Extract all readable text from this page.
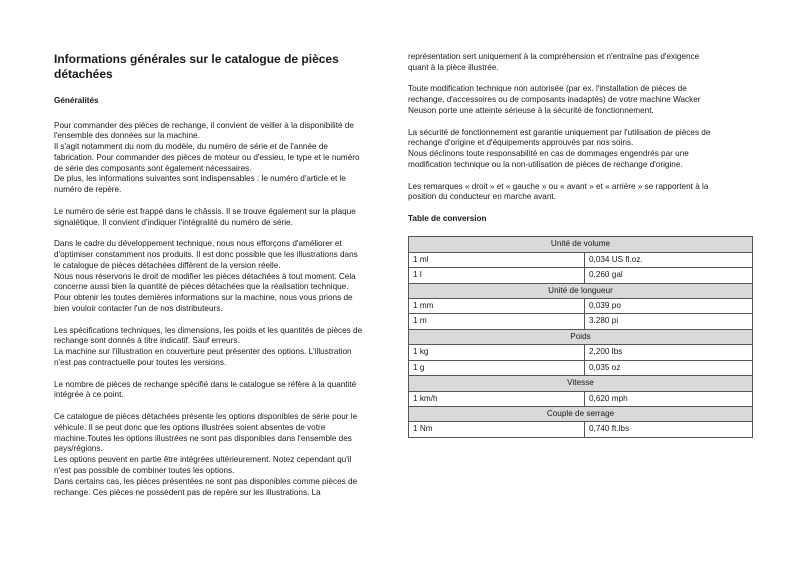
Informations générales sur le catalogue de pièces
détachées
Généralités
Pour commander des pièces de rechange, il convient de veiller à la disponibilité de
l'ensemble des données sur la machine.
Il s'agit notamment du nom du modèle, du numéro de série et de l'année de
fabrication. Pour commander des pièces de moteur ou d'essieu, le type et le numéro
de série des composants sont également nécessaires.
De plus, les informations suivantes sont indispensables : le numéro d'article et le
numéro de repère.
Le numéro de série est frappé dans le châssis. Il se trouve également sur la plaque
signalétique. Il convient d'indiquer l'intégralité du numéro de série.
Dans le cadre du développement technique, nous nous efforçons d'améliorer et
d'optimiser constamment nos produits. Il est donc possible que les illustrations dans
le catalogue de pièces détachées diffèrent de la version réelle.
Nous nous réservons le droit de modifier les pièces détachées à tout moment. Cela
concerne aussi bien la quantité de pièces détachées que la réalisation technique.
Pour obtenir les toutes dernières informations sur la machine, nous vous prions de
bien vouloir contacter l'un de nos distributeurs.
Les spécifications techniques, les dimensions, les poids et les quantités de pièces de
rechange sont donnés à titre indicatif. Sauf erreurs.
La machine sur l'illustration en couverture peut présenter des options. L'illustration
n'est pas contractuelle pour toutes les versions.
Le nombre de pièces de rechange spécifié dans le catalogue se réfère à la quantité
intégrée à ce point.
Ce catalogue de pièces détachées présente les options disponibles de série pour le
véhicule. Il se peut donc que les options illustrées soient absentes de votre
machine.Toutes les options illustrées ne sont pas disponibles dans l'ensemble des
pays/régions.
Les options peuvent en partie être intégrées ultérieurement. Notez cependant qu'il
n'est pas possible de combiner toutes les options.
Dans certains cas, les pièces présentées ne sont pas disponibles comme pièces de
rechange. Ces pièces ne possèdent pas de repère sur les illustrations. La
représentation sert uniquement à la compréhension et n'entraîne pas d'exigence
quant à la pièce illustrée.
Toute modification technique non autorisée (par ex. l'installation de pièces de
rechange, d'accessoires ou de composants inadaptés) de votre machine Wacker
Neuson porte une atteinte sérieuse à la sécurité de fonctionnement.
La sécurité de fonctionnement est garantie uniquement par l'utilisation de pièces de
rechange d'origine et d'équipements approuvés par nos soins.
Nous déclinons toute responsabilité en cas de dommages engendrés par une
modification technique ou la non-utilisation de pièces de rechange d'origine.
Les remarques « droit » et « gauche » ou « avant » et « arrière » se rapportent à la
position du conducteur en marche avant.
Table de conversion
Unité de volume	
1 ml	0,034 US fl.oz.
1 l	0,260 gal
Unité de longueur	
1 mm	0,039 po
1 m	3.280 pi
Poids	
1 kg	2,200 lbs
1 g	0,035 oz
Vitesse	
1 km/h	0,620 mph
Couple de serrage	
1 Nm	0,740 ft.lbs
